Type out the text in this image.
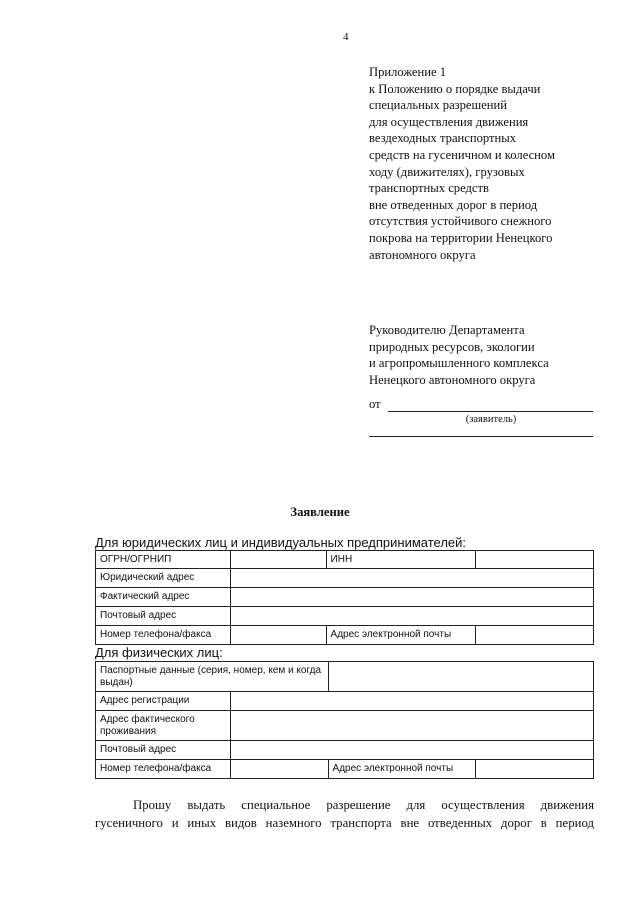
4
Приложение 1
к Положению о порядке выдачи
специальных разрешений
для осуществления движения
вездеходных транспортных
средств на гусеничном и колесном
ходу (движителях), грузовых
транспортных средств
вне отведенных дорог в период
отсутствия устойчивого снежного
покрова на территории Ненецкого
автономного округа
Руководителю Департамента
природных ресурсов, экологии
и агропромышленного комплекса
Ненецкого автономного округа
от
(заявитель)
Заявление
Для юридических лиц и индивидуальных предпринимателей:
ОГРН/ОГРНИП		ИНН	
Юридический адрес			
Фактический адрес			
Почтовый адрес			
Номер телефона/факса		Адрес электронной почты	
Для физических лиц:
Паспортные данные (серия, номер, кем и когда выдан)			
Адрес регистрации			
Адрес фактического проживания			
Почтовый адрес			
Номер телефона/факса		Адрес электронной почты	
Прошу выдать специальное разрешение для осуществления движения
гусеничного и иных видов наземного транспорта вне отведенных дорог в период
